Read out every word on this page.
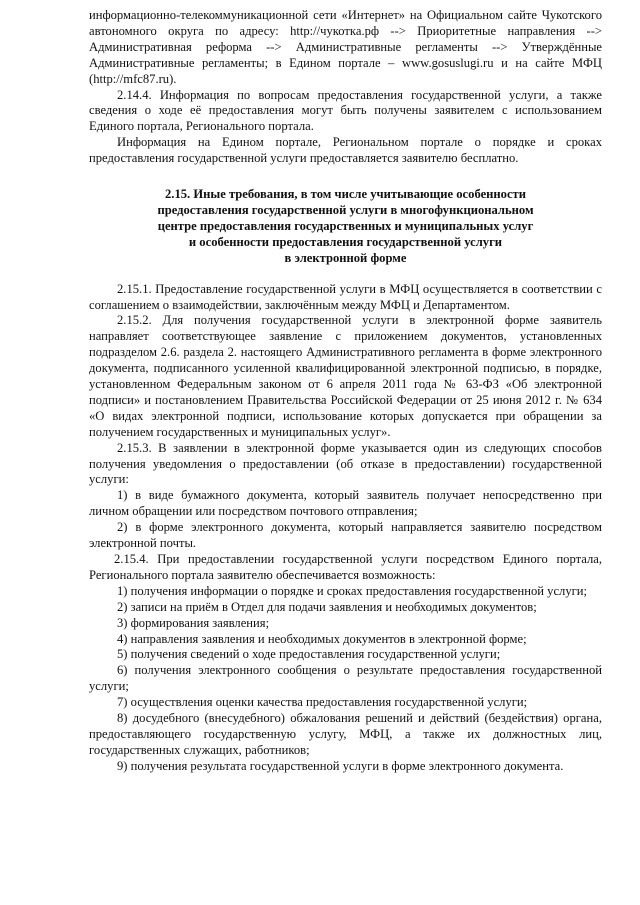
информационно-телекоммуникационной сети «Интернет» на Официальном сайте Чукотского автономного округа по адресу: http://чукотка.рф --> Приоритетные направления --> Административная реформа --> Административные регламенты --> Утверждённые Административные регламенты; в Едином портале – www.gosuslugi.ru и на сайте МФЦ (http://mfc87.ru).

2.14.4. Информация по вопросам предоставления государственной услуги, а также сведения о ходе её предоставления могут быть получены заявителем с использованием Единого портала, Регионального портала.

Информация на Едином портале, Региональном портале о порядке и сроках предоставления государственной услуги предоставляется заявителю бесплатно.

2.15. Иные требования, в том числе учитывающие особенности
предоставления государственной услуги в многофункциональном
центре предоставления государственных и муниципальных услуг
и особенности предоставления государственной услуги
в электронной форме

2.15.1. Предоставление государственной услуги в МФЦ осуществляется в соответствии с соглашением о взаимодействии, заключённым между МФЦ и Департаментом.

2.15.2. Для получения государственной услуги в электронной форме заявитель направляет соответствующее заявление с приложением документов, установленных подразделом 2.6. раздела 2. настоящего Административного регламента в форме электронного документа, подписанного усиленной квалифицированной электронной подписью, в порядке, установленном Федеральным законом от 6 апреля 2011 года № 63-ФЗ «Об электронной подписи» и постановлением Правительства Российской Федерации от 25 июня 2012 г. № 634 «О видах электронной подписи, использование которых допускается при обращении за получением государственных и муниципальных услуг».

2.15.3. В заявлении в электронной форме указывается один из следующих способов получения уведомления о предоставлении (об отказе в предоставлении) государственной услуги:

1) в виде бумажного документа, который заявитель получает непосредственно при личном обращении или посредством почтового отправления;

2) в форме электронного документа, который направляется заявителю посредством электронной почты.

2.15.4. При предоставлении государственной услуги посредством Единого портала, Регионального портала заявителю обеспечивается возможность:

1) получения информации о порядке и сроках предоставления государственной услуги;

2) записи на приём в Отдел для подачи заявления и необходимых документов;

3) формирования заявления;

4) направления заявления и необходимых документов в электронной форме;

5) получения сведений о ходе предоставления государственной услуги;

6) получения электронного сообщения о результате предоставления государственной услуги;

7) осуществления оценки качества предоставления государственной услуги;

8) досудебного (внесудебного) обжалования решений и действий (бездействия) органа, предоставляющего государственную услугу, МФЦ, а также их должностных лиц, государственных служащих, работников;

9) получения результата государственной услуги в форме электронного документа.
